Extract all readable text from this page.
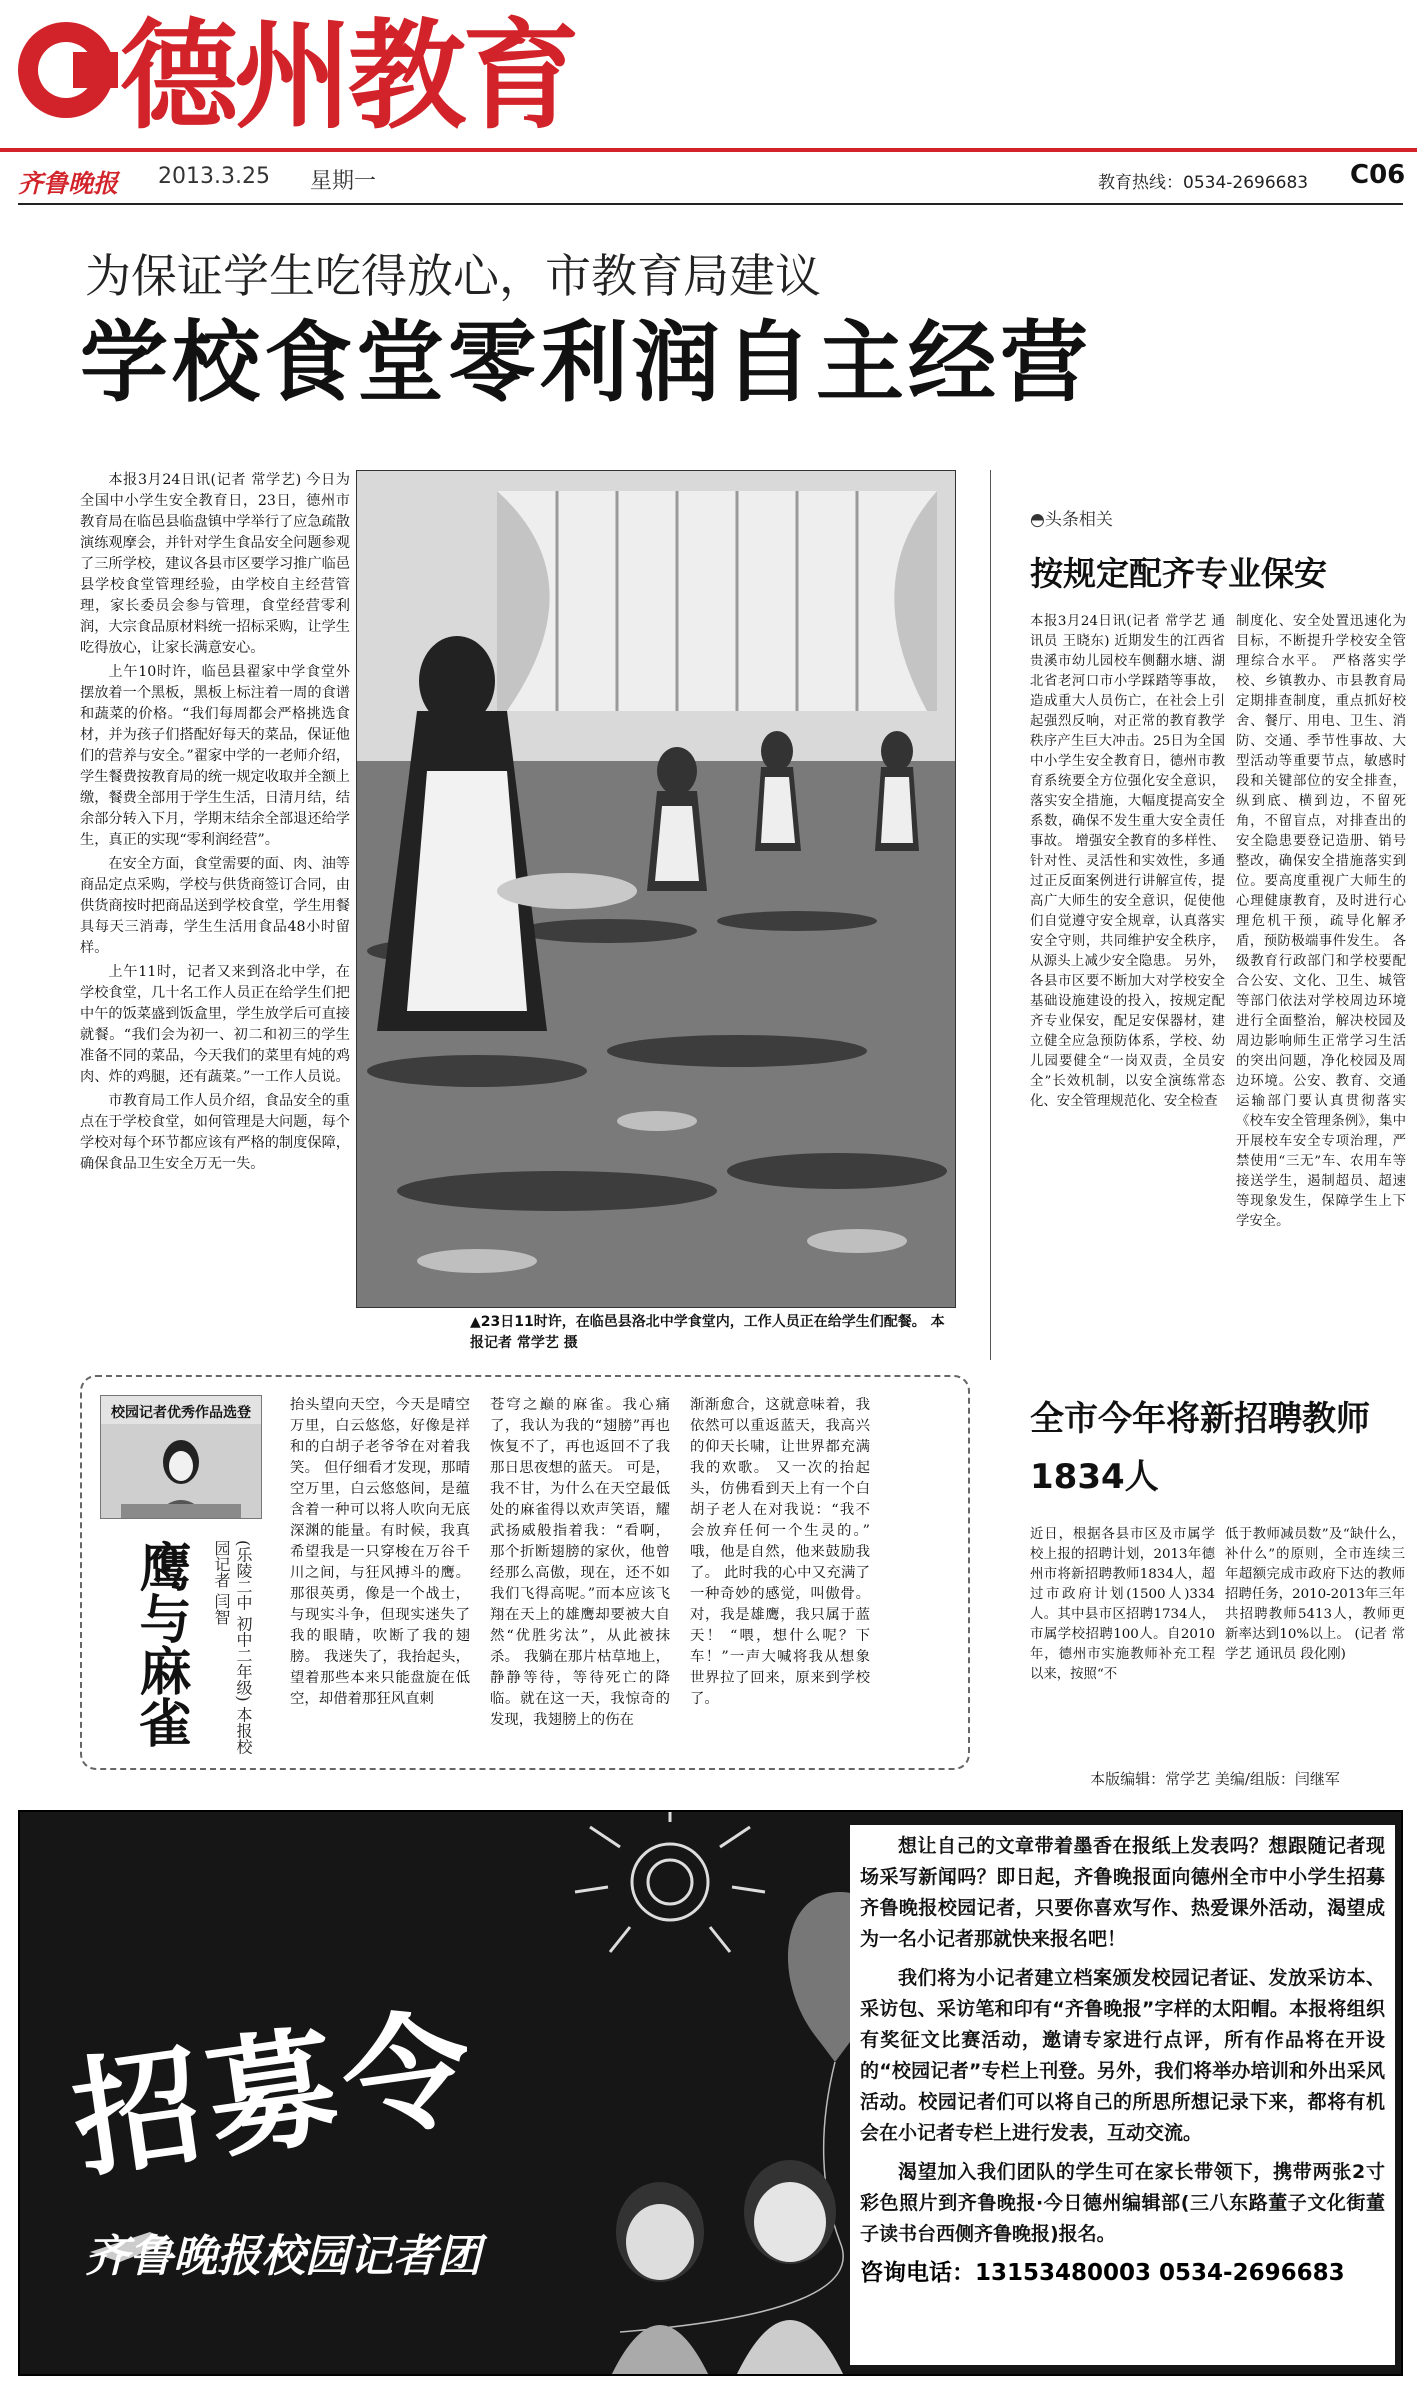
德州教育
齐鲁晚报 2013.3.25 星期一	教育热线：0534-2696683 C06
为保证学生吃得放心，市教育局建议
学校食堂零利润自主经营

本报3月24日讯(记者 常学艺) 今日为全国中小学生安全教育日，23日，德州市教育局在临邑县临盘镇中学举行了应急疏散演练观摩会，并针对学生食品安全问题参观了三所学校，建议各县市区要学习推广临邑县学校食堂管理经验，由学校自主经营管理，家长委员会参与管理，食堂经营零利润，大宗食品原材料统一招标采购，让学生吃得放心，让家长满意安心。

上午10时许，临邑县翟家中学食堂外摆放着一个黑板，黑板上标注着一周的食谱和蔬菜的价格。“我们每周都会严格挑选食材，并为孩子们搭配好每天的菜品，保证他们的营养与安全。”翟家中学的一老师介绍，学生餐费按教育局的统一规定收取并全额上缴，餐费全部用于学生生活，日清月结，结余部分转入下月，学期末结余全部退还给学生，真正的实现“零利润经营”。

在安全方面，食堂需要的面、肉、油等商品定点采购，学校与供货商签订合同，由供货商按时把商品送到学校食堂，学生用餐具每天三消毒，学生生活用食品48小时留样。

上午11时，记者又来到洛北中学，在学校食堂，几十名工作人员正在给学生们把中午的饭菜盛到饭盒里，学生放学后可直接就餐。“我们会为初一、初二和初三的学生准备不同的菜品，今天我们的菜里有炖的鸡肉、炸的鸡腿，还有蔬菜。”一工作人员说。

市教育局工作人员介绍，食品安全的重点在于学校食堂，如何管理是大问题，每个学校对每个环节都应该有严格的制度保障，确保食品卫生安全万无一失。

▲23日11时许，在临邑县洛北中学食堂内，工作人员正在给学生们配餐。 本报记者 常学艺 摄
◓头条相关
按规定配齐专业保安
本报3月24日讯(记者 常学艺 通讯员 王晓东) 近期发生的江西省贵溪市幼儿园校车侧翻水塘、湖北省老河口市小学踩踏等事故，造成重大人员伤亡，在社会上引起强烈反响，对正常的教育教学秩序产生巨大冲击。25日为全国中小学生安全教育日，德州市教育系统要全方位强化安全意识，落实安全措施，大幅度提高安全系数，确保不发生重大安全责任事故。 增强安全教育的多样性、针对性、灵活性和实效性，多通过正反面案例进行讲解宣传，提高广大师生的安全意识，促使他们自觉遵守安全规章，认真落实安全守则，共同维护安全秩序，从源头上减少安全隐患。 另外，各县市区要不断加大对学校安全基础设施建设的投入，按规定配齐专业保安，配足安保器材，建立健全应急预防体系，学校、幼儿园要健全“一岗双责，全员安全”长效机制，以安全演练常态化、安全管理规范化、安全检查
制度化、安全处置迅速化为目标，不断提升学校安全管理综合水平。 严格落实学校、乡镇教办、市县教育局定期排查制度，重点抓好校舍、餐厅、用电、卫生、消防、交通、季节性事故、大型活动等重要节点，敏感时段和关键部位的安全排查，纵到底、横到边，不留死角，不留盲点，对排查出的安全隐患要登记造册、销号整改，确保安全措施落实到位。要高度重视广大师生的心理健康教育，及时进行心理危机干预，疏导化解矛盾，预防极端事件发生。 各级教育行政部门和学校要配合公安、文化、卫生、城管等部门依法对学校周边环境进行全面整治，解决校园及周边影响师生正常学习生活的突出问题，净化校园及周边环境。公安、教育、交通运输部门要认真贯彻落实《校车安全管理条例》，集中开展校车安全专项治理，严禁使用“三无”车、农用车等接送学生，遏制超员、超速等现象发生，保障学生上下学安全。
校园记者优秀作品选登
鹰与麻雀	(乐陵二中 初中二年级) 本报校园记者 闫智
抬头望向天空，今天是晴空万里，白云悠悠，好像是祥和的白胡子老爷爷在对着我笑。 但仔细看才发现，那晴空万里，白云悠悠间，是蕴含着一种可以将人吹向无底深渊的能量。有时候，我真希望我是一只穿梭在万谷千川之间，与狂风搏斗的鹰。那很英勇，像是一个战士，与现实斗争，但现实迷失了我的眼睛，吹断了我的翅膀。 我迷失了，我抬起头，望着那些本来只能盘旋在低空，却借着那狂风直刺
苍穹之巅的麻雀。我心痛了，我认为我的“翅膀”再也恢复不了，再也返回不了我那日思夜想的蓝天。 可是，我不甘，为什么在天空最低处的麻雀得以欢声笑语，耀武扬威般指着我：“看啊，那个折断翅膀的家伙，他曾经那么高傲，现在，还不如我们飞得高呢。”而本应该飞翔在天上的雄鹰却要被大自然“优胜劣汰”，从此被抹杀。 我躺在那片枯草地上，静静等待，等待死亡的降临。就在这一天，我惊奇的发现，我翅膀上的伤在
渐渐愈合，这就意味着，我依然可以重返蓝天，我高兴的仰天长啸，让世界都充满我的欢歌。 又一次的抬起头，仿佛看到天上有一个白胡子老人在对我说：“我不会放弃任何一个生灵的。” 哦，他是自然，他来鼓励我了。 此时我的心中又充满了一种奇妙的感觉，叫傲骨。对，我是雄鹰，我只属于蓝天！ “喂，想什么呢？下车！”一声大喊将我从想象世界拉了回来，原来到学校了。
全市今年将新招聘教师1834人
近日，根据各县市区及市属学校上报的招聘计划，2013年德州市将新招聘教师1834人，超过市政府计划(1500人)334人。其中县市区招聘1734人，市属学校招聘100人。自2010年，德州市实施教师补充工程以来，按照“不
低于教师减员数”及“缺什么，补什么”的原则，全市连续三年超额完成市政府下达的教师招聘任务，2010-2013年三年共招聘教师5413人，教师更新率达到10%以上。 (记者 常学艺 通讯员 段化刚)
本版编辑：常学艺 美编/组版：闫继军
招募令
齐鲁晚报校园记者团

想让自己的文章带着墨香在报纸上发表吗？想跟随记者现场采写新闻吗？即日起，齐鲁晚报面向德州全市中小学生招募齐鲁晚报校园记者，只要你喜欢写作、热爱课外活动，渴望成为一名小记者那就快来报名吧！

我们将为小记者建立档案颁发校园记者证、发放采访本、采访包、采访笔和印有“齐鲁晚报”字样的太阳帽。本报将组织有奖征文比赛活动，邀请专家进行点评，所有作品将在开设的“校园记者”专栏上刊登。另外，我们将举办培训和外出采风活动。校园记者们可以将自己的所思所想记录下来，都将有机会在小记者专栏上进行发表，互动交流。

渴望加入我们团队的学生可在家长带领下，携带两张2寸彩色照片到齐鲁晚报·今日德州编辑部(三八东路董子文化街董子读书台西侧齐鲁晚报)报名。

咨询电话：13153480003 0534-2696683
